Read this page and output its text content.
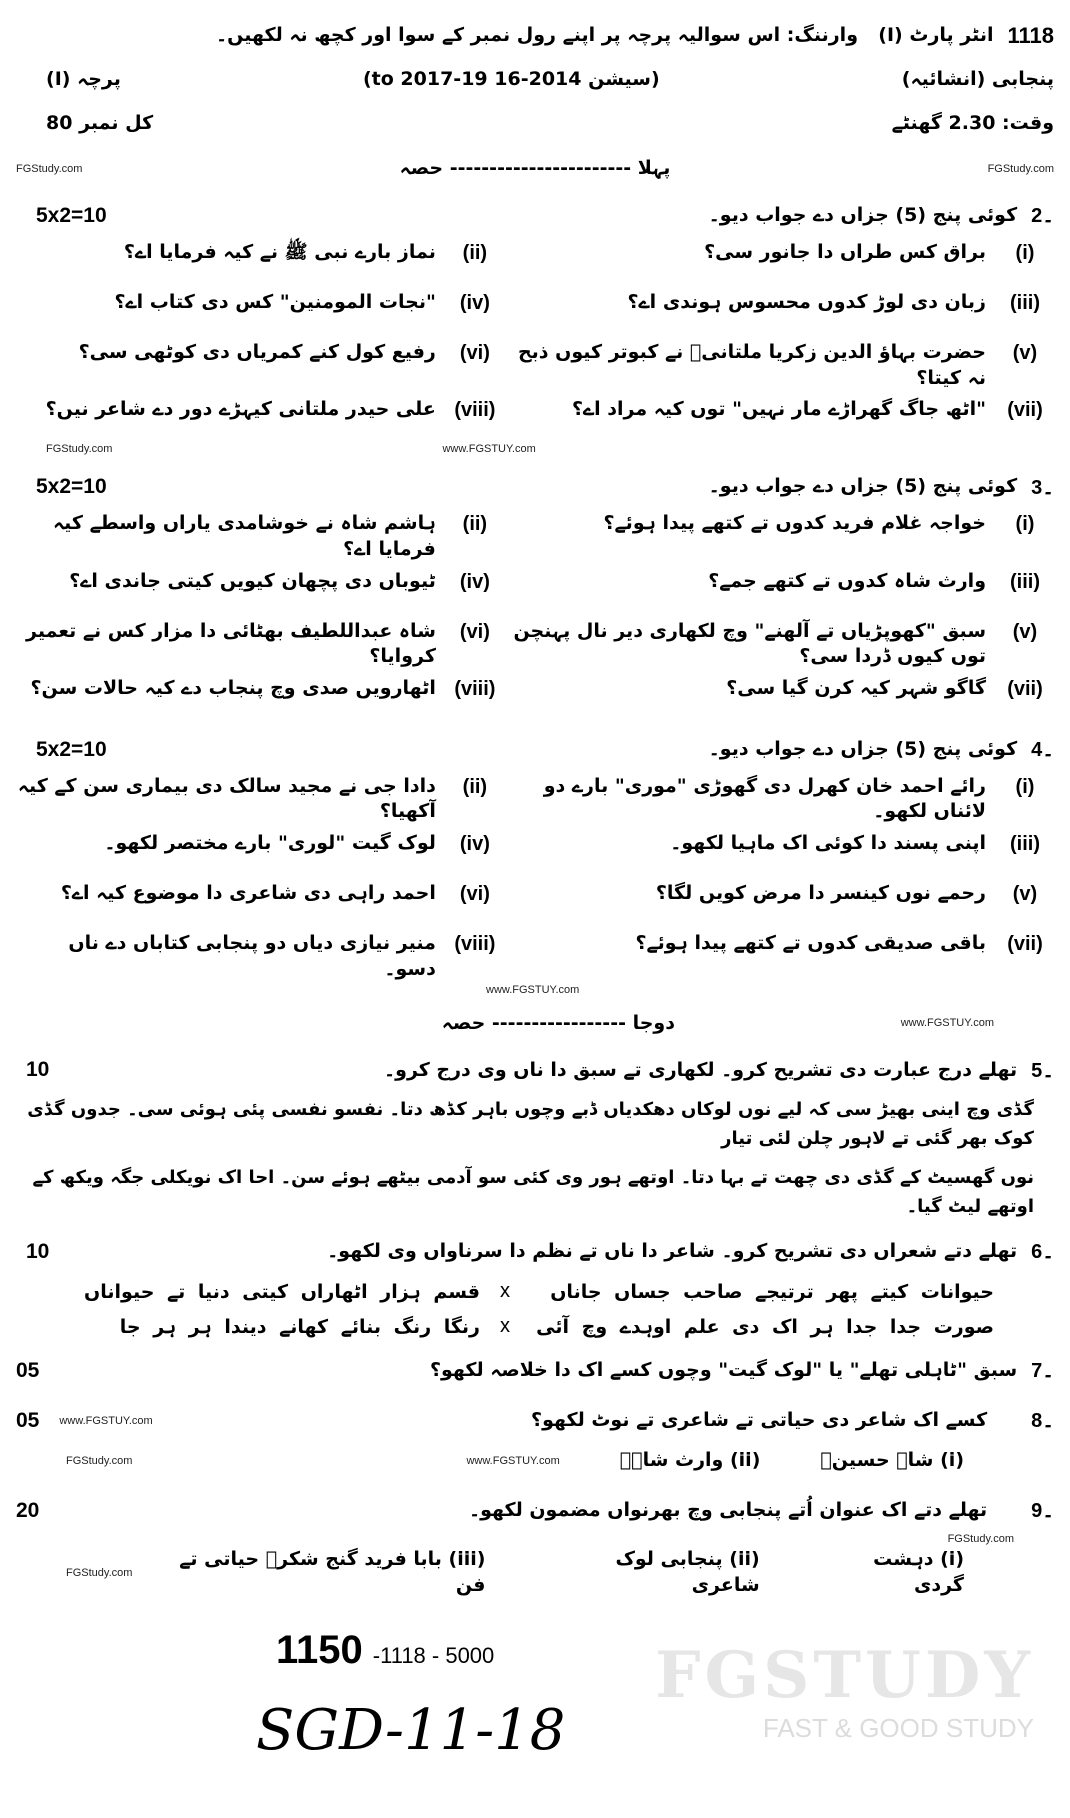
1118
انٹر پارٹ (I)
وارننگ: اس سوالیہ پرچہ پر اپنے رول نمبر کے سوا اور کچھ نہ لکھیں۔
پنجابی (انشائیہ)
(سیشن 2014-16 to 2017-19)
پرچہ (I)
وقت: 2.30 گھنٹے
کل نمبر 80
FGStudy.com
پہلا ----------------------- حصہ
FGStudy.com
2۔
کوئی پنج (5) جزاں دے جواب دیو۔
5x2=10
(i)
براق کس طراں دا جانور سی؟
(ii)
نماز بارے نبی ﷺ نے کیہ فرمایا اے؟
(iii)
زبان دی لوڑ کدوں محسوس ہوندی اے؟
(iv)
"نجات المومنین" کس دی کتاب اے؟
(v)
حضرت بہاؤ الدین زکریا ملتانیؒ نے کبوتر کیوں ذبح نہ کیتا؟
(vi)
رفیع کول کنے کمریاں دی کوٹھی سی؟
(vii)
"اٹھ جاگ گھراڑے مار نہیں" توں کیہ مراد اے؟
(viii)
علی حیدر ملتانی کیہڑے دور دے شاعر نیں؟
FGStudy.com	www.FGSTUY.com
3۔
کوئی پنج (5) جزاں دے جواب دیو۔
5x2=10
(i)
خواجہ غلام فرید کدوں تے کتھے پیدا ہوئے؟
(ii)
ہاشم شاہ نے خوشامدی یاراں واسطے کیہ فرمایا اے؟
(iii)
وارث شاہ کدوں تے کتھے جمے؟
(iv)
ٹیوباں دی پچھان کیویں کیتی جاندی اے؟
(v)
سبق "کھوپڑیاں تے آلھنے" وچ لکھاری دیر نال پہنچن توں کیوں ڈردا سی؟
(vi)
شاہ عبداللطیف بھٹائی دا مزار کس نے تعمیر کروایا؟
(vii)
گاگو شہر کیہ کرن گیا سی؟
(viii)
اٹھارویں صدی وچ پنجاب دے کیہ حالات سن؟
4۔
کوئی پنج (5) جزاں دے جواب دیو۔
5x2=10
(i)
رائے احمد خان کھرل دی گھوڑی "موری" بارے دو لائناں لکھو۔
(ii)
دادا جی نے مجید سالک دی بیماری سن کے کیہ آکھیا؟
(iii)
اپنی پسند دا کوئی اک ماہیا لکھو۔
(iv)
لوک گیت "لوری" بارے مختصر لکھو۔
(v)
رحمے نوں کینسر دا مرض کویں لگا؟
(vi)
احمد راہی دی شاعری دا موضوع کیہ اے؟
(vii)
باقی صدیقی کدوں تے کتھے پیدا ہوئے؟
(viii)
منیر نیازی دیاں دو پنجابی کتاباں دے ناں دسو۔
www.FGSTUY.com
www.FGSTUY.com
دوجا ----------------- حصہ
5۔
تھلے درج عبارت دی تشریح کرو۔ لکھاری تے سبق دا ناں وی درج کرو۔
10
گڈی وچ اینی بھیڑ سی کہ لیے نوں لوکاں دھکدیاں ڈبے وچوں باہر کڈھ دتا۔ نفسو نفسی پئی ہوئی سی۔ جدوں گڈی کوک بھر گئی تے لاہور چلن لئی تیار
نوں گھسیٹ کے گڈی دی چھت تے بہا دتا۔ اوتھے ہور وی کئی سو آدمی بیٹھے ہوئے سن۔ احا اک نویکلی جگہ ویکھ کے اوتھے لیٹ گیا۔
6۔
تھلے دتے شعراں دی تشریح کرو۔ شاعر دا ناں تے نظم دا سرناواں وی لکھو۔
10
حیوانات کیتے پھر ترتیجے صاحب جساں جاناں
x
قسم ہزار اٹھاراں کیتی دنیا تے حیواناں
صورت جدا جدا ہر اک دی علم اوہدے وچ آئی
x
رنگا رنگ بنائے کھانے دیندا ہر ہر جا
7۔
سبق "ٹاہلی تھلے" یا "لوک گیت" وچوں کسے اک دا خلاصہ لکھو؟
05
8۔
کسے اک شاعر دی حیاتی تے شاعری تے نوٹ لکھو؟
05 www.FGSTUY.com
(i) شاہ حسینؒ
(ii) وارث شاہؒ
www.FGSTUY.com
FGStudy.com
9۔
تھلے دتے اک عنوان اُتے پنجابی وچ بھرنواں مضمون لکھو۔
20
FGStudy.com
(i) دہشت گردی
(ii) پنجابی لوک شاعری
(iii) بابا فرید گنج شکرؒ حیاتی تے فن
FGStudy.com
1150 -1118 - 5000
SGD-11-18
FGSTUDY
FAST & GOOD STUDY
